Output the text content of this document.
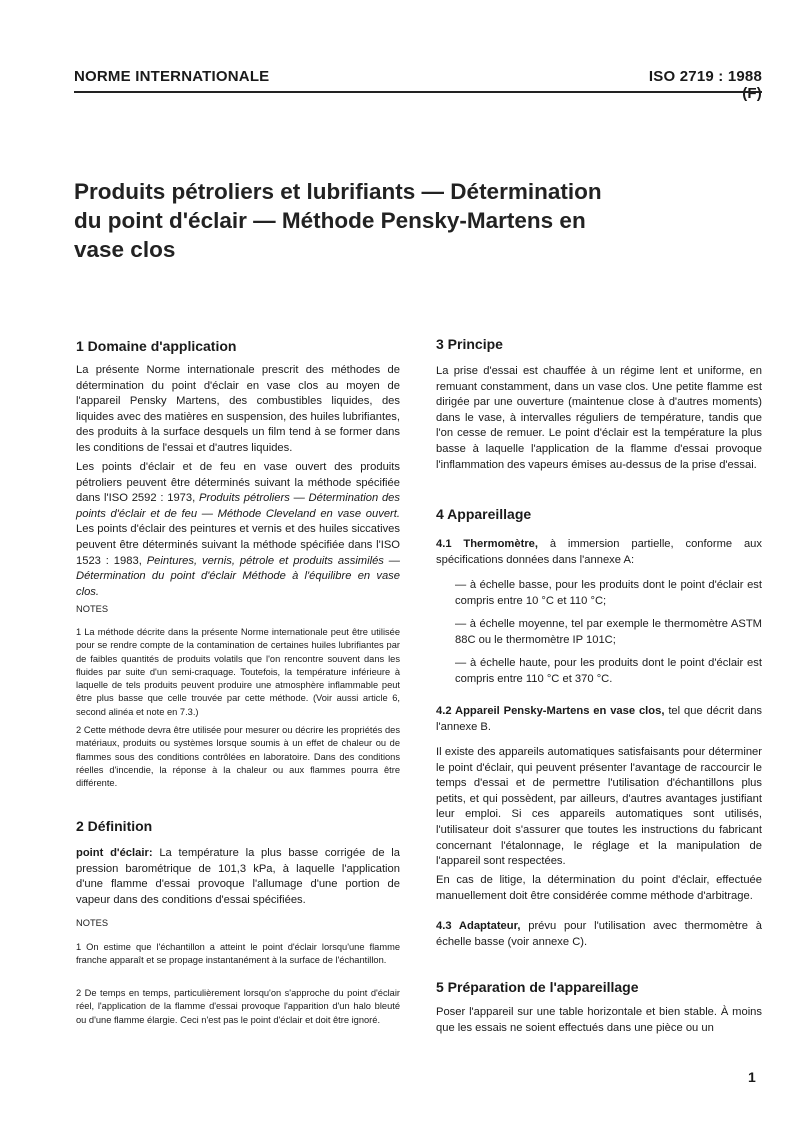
NORME INTERNATIONALE	ISO 2719 : 1988 (F)
Produits pétroliers et lubrifiants — Détermination
du point d'éclair — Méthode Pensky-Martens en
vase clos
1 Domaine d'application
La présente Norme internationale prescrit des méthodes de détermination du point d'éclair en vase clos au moyen de l'appareil Pensky Martens, des combustibles liquides, des liquides avec des matières en suspension, des huiles lubrifiantes, des produits à la surface desquels un film tend à se former dans les conditions de l'essai et d'autres liquides.
Les points d'éclair et de feu en vase ouvert des produits pétroliers peuvent être déterminés suivant la méthode spécifiée dans l'ISO 2592 : 1973, Produits pétroliers — Détermination des points d'éclair et de feu — Méthode Cleveland en vase ouvert. Les points d'éclair des peintures et vernis et des huiles siccatives peuvent être déterminés suivant la méthode spécifiée dans l'ISO 1523 : 1983, Peintures, vernis, pétrole et produits assimilés — Détermination du point d'éclair Méthode à l'équilibre en vase clos.
NOTES
1 La méthode décrite dans la présente Norme internationale peut être utilisée pour se rendre compte de la contamination de certaines huiles lubrifiantes par de faibles quantités de produits volatils que l'on rencontre souvent dans les fluides par suite d'un semi-craquage. Toutefois, la température inférieure à laquelle de tels produits peuvent produire une atmosphère inflammable peut être plus basse que celle trouvée par cette méthode. (Voir aussi article 6, second alinéa et note en 7.3.)
2 Cette méthode devra être utilisée pour mesurer ou décrire les propriétés des matériaux, produits ou systèmes lorsque soumis à un effet de chaleur ou de flammes sous des conditions contrôlées en laboratoire. Dans des conditions réelles d'incendie, la réponse à la chaleur ou aux flammes pourra être différente.
2 Définition
point d'éclair: La température la plus basse corrigée de la pression barométrique de 101,3 kPa, à laquelle l'application d'une flamme d'essai provoque l'allumage d'une portion de vapeur dans des conditions d'essai spécifiées.
NOTES
1 On estime que l'échantillon a atteint le point d'éclair lorsqu'une flamme franche apparaît et se propage instantanément à la surface de l'échantillon.
2 De temps en temps, particulièrement lorsqu'on s'approche du point d'éclair réel, l'application de la flamme d'essai provoque l'apparition d'un halo bleuté ou d'une flamme élargie. Ceci n'est pas le point d'éclair et doit être ignoré.
3 Principe
La prise d'essai est chauffée à un régime lent et uniforme, en remuant constamment, dans un vase clos. Une petite flamme est dirigée par une ouverture (maintenue close à d'autres moments) dans le vase, à intervalles réguliers de température, tandis que l'on cesse de remuer. Le point d'éclair est la température la plus basse à laquelle l'application de la flamme d'essai provoque l'inflammation des vapeurs émises au-dessus de la prise d'essai.
4 Appareillage
4.1 Thermomètre, à immersion partielle, conforme aux spécifications données dans l'annexe A:
— à échelle basse, pour les produits dont le point d'éclair est compris entre 10 °C et 110 °C;
— à échelle moyenne, tel par exemple le thermomètre ASTM 88C ou le thermomètre IP 101C;
— à échelle haute, pour les produits dont le point d'éclair est compris entre 110 °C et 370 °C.
4.2 Appareil Pensky-Martens en vase clos, tel que décrit dans l'annexe B.
Il existe des appareils automatiques satisfaisants pour déterminer le point d'éclair, qui peuvent présenter l'avantage de raccourcir le temps d'essai et de permettre l'utilisation d'échantillons plus petits, et qui possèdent, par ailleurs, d'autres avantages justifiant leur emploi. Si ces appareils automatiques sont utilisés, l'utilisateur doit s'assurer que toutes les instructions du fabricant concernant l'étalonnage, le réglage et la manipulation de l'appareil sont respectées.
En cas de litige, la détermination du point d'éclair, effectuée manuellement doit être considérée comme méthode d'arbitrage.
4.3 Adaptateur, prévu pour l'utilisation avec thermomètre à échelle basse (voir annexe C).
5 Préparation de l'appareillage
Poser l'appareil sur une table horizontale et bien stable. À moins que les essais ne soient effectués dans une pièce ou un
1
